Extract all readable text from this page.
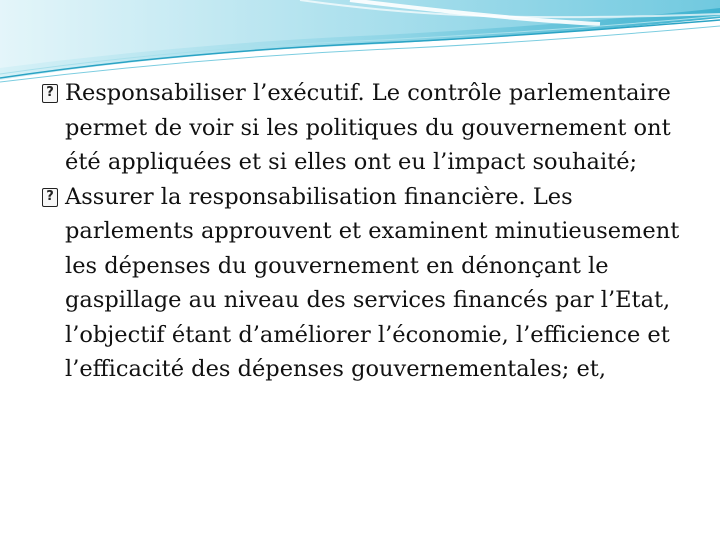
?
Responsabiliser l’exécutif. Le contrôle parlementaire permet de voir si les politiques du gouvernement ont été appliquées et si elles ont eu l’impact souhaité;

?
Assurer la responsabilisation financière. Les parlements approuvent et examinent minutieusement les dépenses du gouvernement en dénonçant le gaspillage au niveau des services financés par l’Etat, l’objectif étant d’améliorer l’économie, l’efficience et l’efficacité des dépenses gouvernementales; et,
